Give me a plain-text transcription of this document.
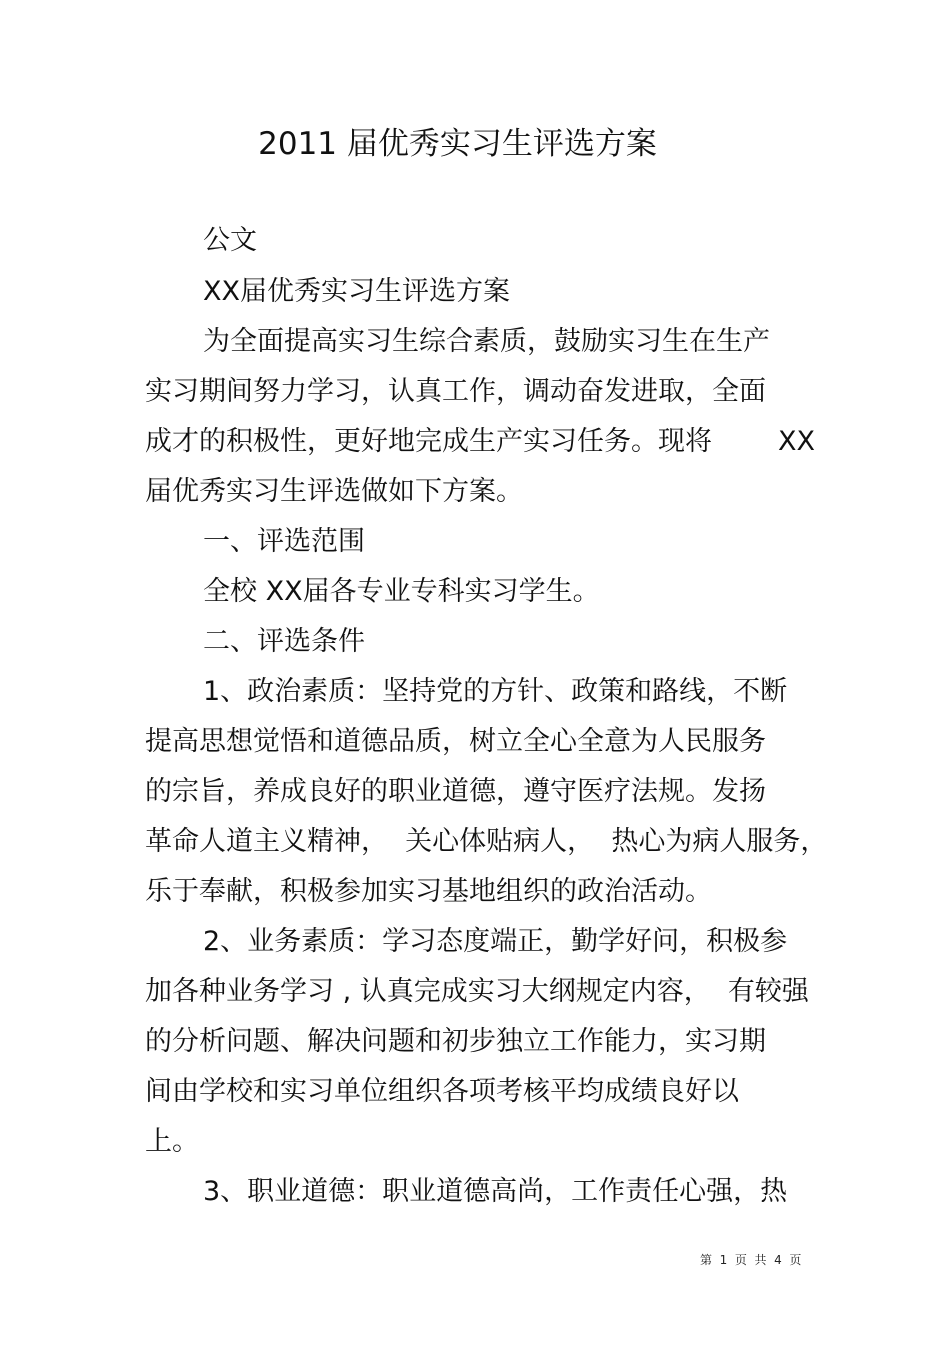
2011 届优秀实习生评选方案
公文
XX届优秀实习生评选方案
为全面提高实习生综合素质，鼓励实习生在生产
实习期间努力学习，认真工作，调动奋发进取，全面
成才的积极性，更好地完成生产实习任务。现将 XX
届优秀实习生评选做如下方案。
一、评选范围
全校 XX届各专业专科实习学生。
二、评选条件
1、政治素质：坚持党的方针、政策和路线，不断
提高思想觉悟和道德品质，树立全心全意为人民服务
的宗旨，养成良好的职业道德，遵守医疗法规。发扬
革命人道主义精神，  关心体贴病人，  热心为病人服务，
乐于奉献，积极参加实习基地组织的政治活动。
2、业务素质：学习态度端正，勤学好问，积极参
加各种业务学习 , 认真完成实习大纲规定内容，  有较强
的分析问题、解决问题和初步独立工作能力，实习期
间由学校和实习单位组织各项考核平均成绩良好以
上。
3、职业道德：职业道德高尚，工作责任心强，热
第  1  页  共  4  页
